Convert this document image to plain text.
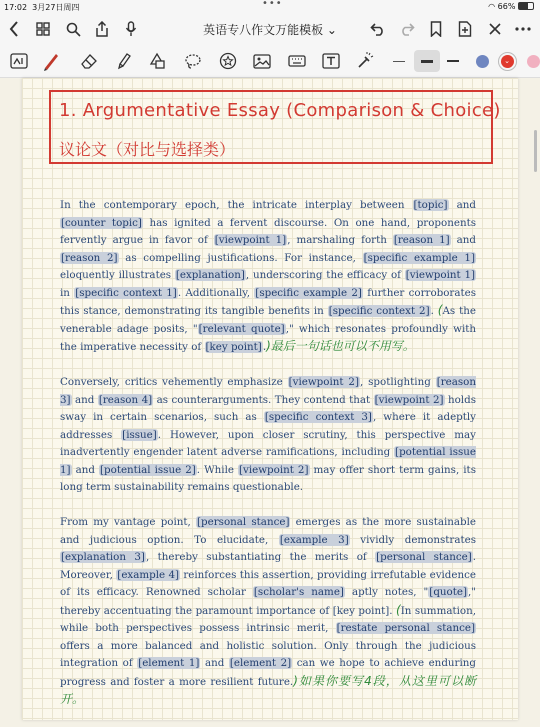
17:02 3月27日周四	•••	◠ 66%
英语专八作文万能模板 ⌄
⌄
1. Argumentative Essay (Comparison & Choice)
议论文（对比与选择类）

In the contemporary epoch, the intricate interplay between [topic] and [counter topic] has ignited a fervent discourse. On one hand, proponents fervently argue in favor of [viewpoint 1], marshaling forth [reason 1] and [reason 2] as compelling justifications. For instance, [specific example 1] eloquently illustrates [explanation], underscoring the efficacy of [viewpoint 1] in [specific context 1]. Additionally, [specific example 2] further corroborates this stance, demonstrating its tangible benefits in [specific context 2]. (As the venerable adage posits, "[relevant quote]," which resonates profoundly with the imperative necessity of [key point].)最后一句话也可以不用写。

Conversely, critics vehemently emphasize [viewpoint 2], spotlighting [reason 3] and [reason 4] as counterarguments. They contend that [viewpoint 2] holds sway in certain scenarios, such as [specific context 3], where it adeptly addresses [issue]. However, upon closer scrutiny, this perspective may inadvertently engender latent adverse ramifications, including [potential issue 1] and [potential issue 2]. While [viewpoint 2] may offer short term gains, its long term sustainability remains questionable.

From my vantage point, [personal stance] emerges as the more sustainable and judicious option. To elucidate, [example 3] vividly demonstrates [explanation 3], thereby substantiating the merits of [personal stance]. Moreover, [example 4] reinforces this assertion, providing irrefutable evidence of its efficacy. Renowned scholar [scholar's name] aptly notes, "[quote]," thereby accentuating the paramount importance of [key point]. (In summation, while both perspectives possess intrinsic merit, [restate personal stance] offers a more balanced and holistic solution. Only through the judicious integration of [element 1] and [element 2] can we hope to achieve enduring progress and foster a more resilient future.)如果你要写4段，从这里可以断开。
